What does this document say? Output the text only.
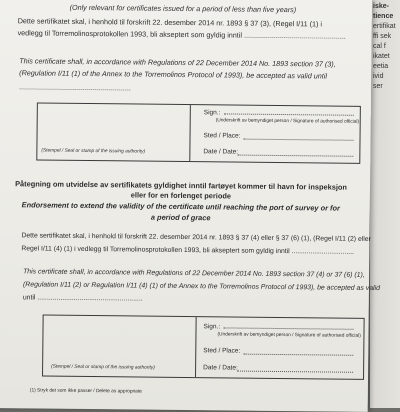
iske-
tience
ertifikat
ffi sek
cal f
ikatet
eetia
ivid
ser
(Only relevant for certificates issued for a period of less than five years)
Dette sertifikatet skal, i henhold til forskrift 22. desember 2014 nr. 1893 § 37 (3), (Regel I/11 (1) i
vedlegg til Torremolinosprotokollen 1993, bli akseptert som gyldig inntil ...................................................
This certificate shall, in accordance with Regulations of 22 December 2014 No. 1893 section 37 (3),
(Regulation I/11 (1) of the Annex to the Torremolinos Protocol of 1993), be accepted as valid until
........................................................
Sign.:
(Underskrift av bemyndiget person / Signature of authorised official)
Sted / Place:
Date / Date:
(Stempel / Seal or stamp of the issuing authority)
Påtegning om utvidelse av sertifikatets gyldighet inntil fartøyet kommer til havn for inspeksjon
eller for en forlenget periode
Endorsement to extend the validity of the certificate until reaching the port of survey or for
a period of grace
Dette sertifikatet skal, i henhold til forskrift 22. desember 2014 nr. 1893 § 37 (4) eller § 37 (6) (1), (Regel I/11 (2) eller
Regel I/11 (4) (1) i vedlegg til Torremolinosprotokollen 1993, bli akseptert som gyldig inntil .................................
This certificate shall, in accordance with Regulations of 22 December 2014 No. 1893 section 37 (4) or 37 (6) (1),
(Regulation I/11 (2) or Regulation I/11 (4) (1) of the Annex to the Torremolinos Protocol of 1993), be accepted as valid
until .......................................................
Sign.:
(Underskrift av bemyndiget person / Signature of authorised official)
Sted / Place:
Date / Date:
(Stempel / Seal or stamp of the issuing authority)
(1) Stryk det som ikke passer / Delete as appropriate
